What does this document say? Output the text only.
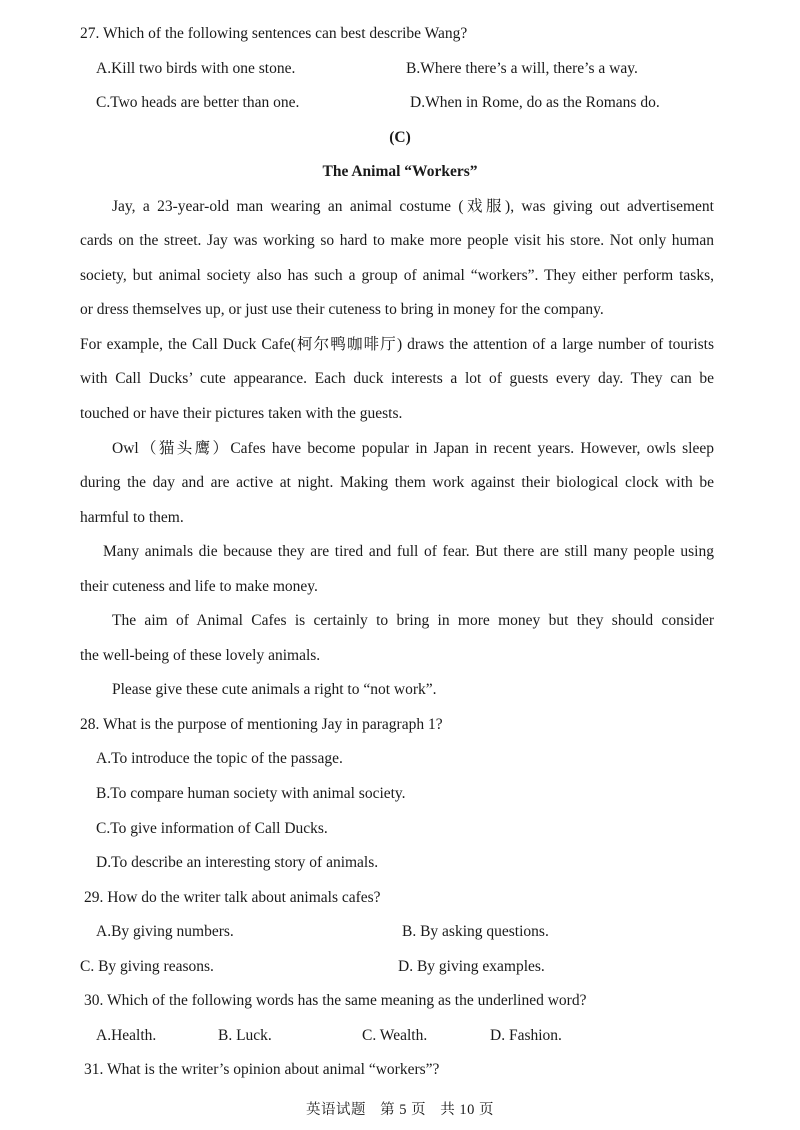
27. Which of the following sentences can best describe Wang?
A.Kill two birds with one stone.	B.Where there’s a will, there’s a way.
C.Two heads are better than one.	D.When in Rome, do as the Romans do.
(C)
The Animal “Workers”
Jay, a 23-year-old man wearing an animal costume (戏服), was giving out advertisement
cards on the street. Jay was working so hard to make more people visit his store. Not only human
society, but animal society also has such a group of animal “workers”. They either perform tasks,
or dress themselves up, or just use their cuteness to bring in money for the company.
For example, the Call Duck Cafe(柯尔鸭咖啡厅) draws the attention of a large number of tourists
with Call Ducks’ cute appearance. Each duck interests a lot of guests every day. They can be
touched or have their pictures taken with the guests.
Owl（猫头鹰）Cafes have become popular in Japan in recent years. However, owls sleep
during the day and are active at night. Making them work against their biological clock with be
harmful to them.
Many animals die because they are tired and full of fear. But there are still many people using
their cuteness and life to make money.
The aim of Animal Cafes is certainly to bring in more money but they should consider
the well-being of these lovely animals.
Please give these cute animals a right to “not work”.
28. What is the purpose of mentioning Jay in paragraph 1?
A.To introduce the topic of the passage.
B.To compare human society with animal society.
C.To give information of Call Ducks.
D.To describe an interesting story of animals.
29. How do the writer talk about animals cafes?
A.By giving numbers.	B. By asking questions.
C. By giving reasons.	D. By giving examples.
30. Which of the following words has the same meaning as the underlined word?
A.Health.	B. Luck.	C. Wealth.	D. Fashion.
31. What is the writer’s opinion about animal “workers”?
英语试题 第 5 页 共 10 页
